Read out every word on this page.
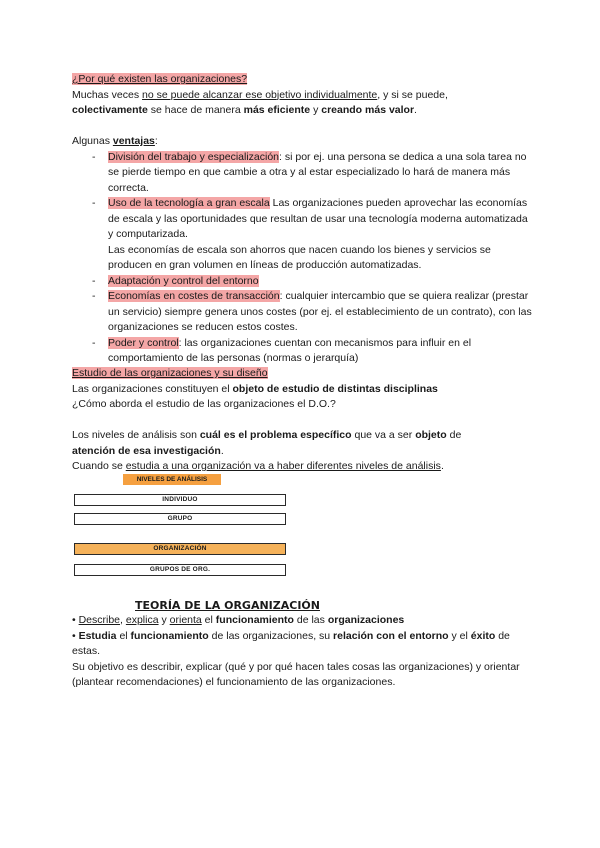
¿Por qué existen las organizaciones?
Muchas veces no se puede alcanzar ese objetivo individualmente, y si se puede,
colectivamente se hace de manera más eficiente y creando más valor.
Algunas ventajas:
- División del trabajo y especialización: si por ej. una persona se dedica a una sola tarea no se pierde tiempo en que cambie a otra y al estar especializado lo hará de manera más correcta.
- Uso de la tecnología a gran escala Las organizaciones pueden aprovechar las economías de escala y las oportunidades que resultan de usar una tecnología moderna automatizada y computarizada.
Las economías de escala son ahorros que nacen cuando los bienes y servicios se producen en gran volumen en líneas de producción automatizadas.
- Adaptación y control del entorno
- Economías en costes de transacción: cualquier intercambio que se quiera realizar (prestar un servicio) siempre genera unos costes (por ej. el establecimiento de un contrato), con las organizaciones se reducen estos costes.
- Poder y control: las organizaciones cuentan con mecanismos para influir en el comportamiento de las personas (normas o jerarquía)
Estudio de las organizaciones y su diseño
Las organizaciones constituyen el objeto de estudio de distintas disciplinas
¿Cómo aborda el estudio de las organizaciones el D.O.?
Los niveles de análisis son cuál es el problema específico que va a ser objeto de
atención de esa investigación.
Cuando se estudia a una organización va a haber diferentes niveles de análisis.
NIVELES DE ANÁLISIS
INDIVIDUO
GRUPO
ORGANIZACIÓN
GRUPOS DE ORG.
TEORÍA DE LA ORGANIZACIÓN
• Describe, explica y orienta el funcionamiento de las organizaciones
• Estudia el funcionamiento de las organizaciones, su relación con el entorno y el éxito de estas.
Su objetivo es describir, explicar (qué y por qué hacen tales cosas las organizaciones) y orientar (plantear recomendaciones) el funcionamiento de las organizaciones.
